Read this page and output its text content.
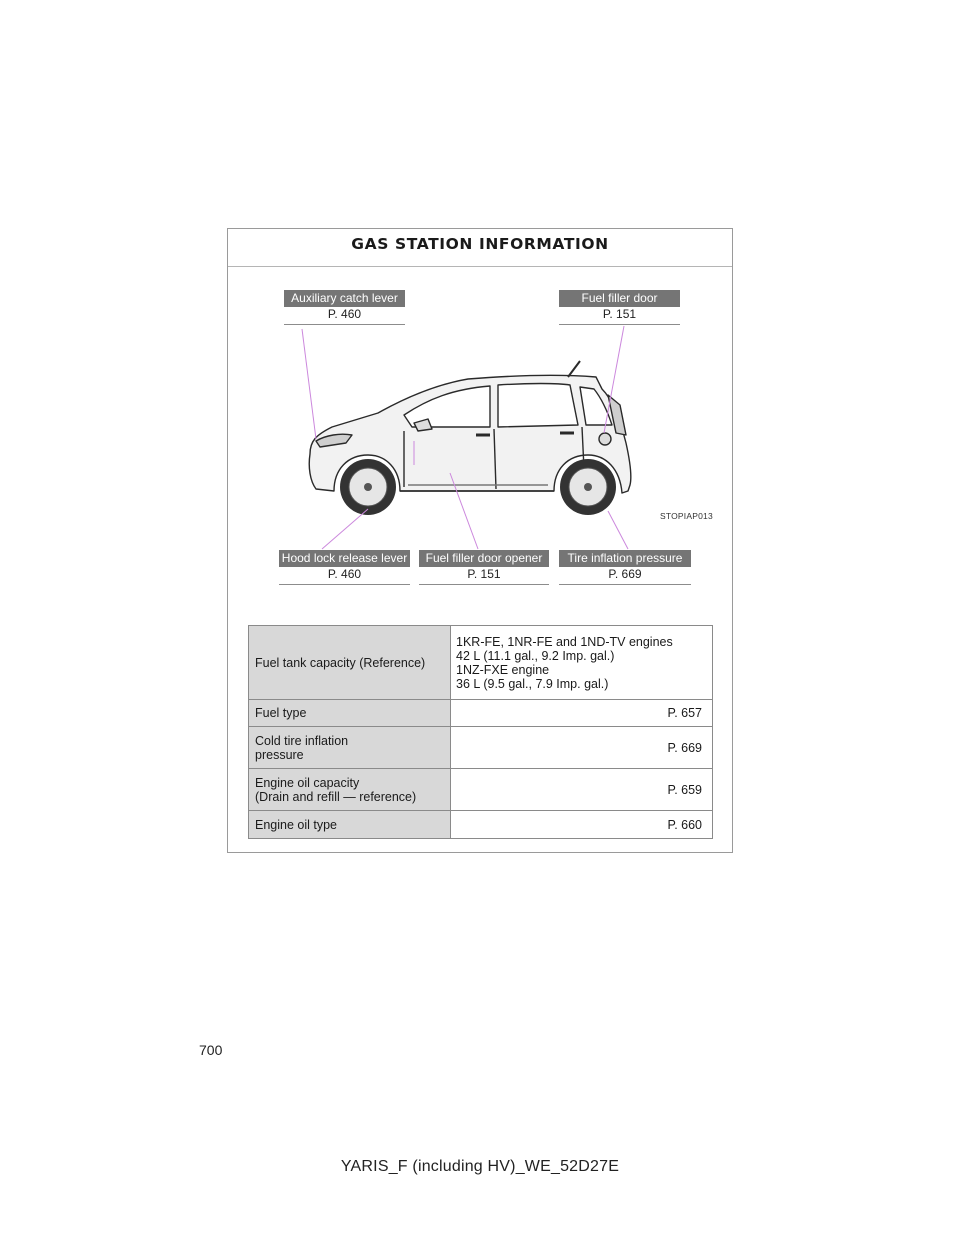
GAS STATION INFORMATION
Auxiliary catch lever
P. 460
Fuel filler door
P. 151
STOPIAP013
Hood lock release lever
P. 460
Fuel filler door opener
P. 151
Tire inflation pressure
P. 669
Fuel tank capacity (Reference)	1KR-FE, 1NR-FE and 1ND-TV engines
42 L (11.1 gal., 9.2 Imp. gal.)
1NZ-FXE engine
36 L (9.5 gal., 7.9 Imp. gal.)
Fuel type	P. 657
Cold tire inflation
pressure	P. 669
Engine oil capacity
(Drain and refill — reference)	P. 659
Engine oil type	P. 660
700
YARIS_F (including HV)_WE_52D27E
